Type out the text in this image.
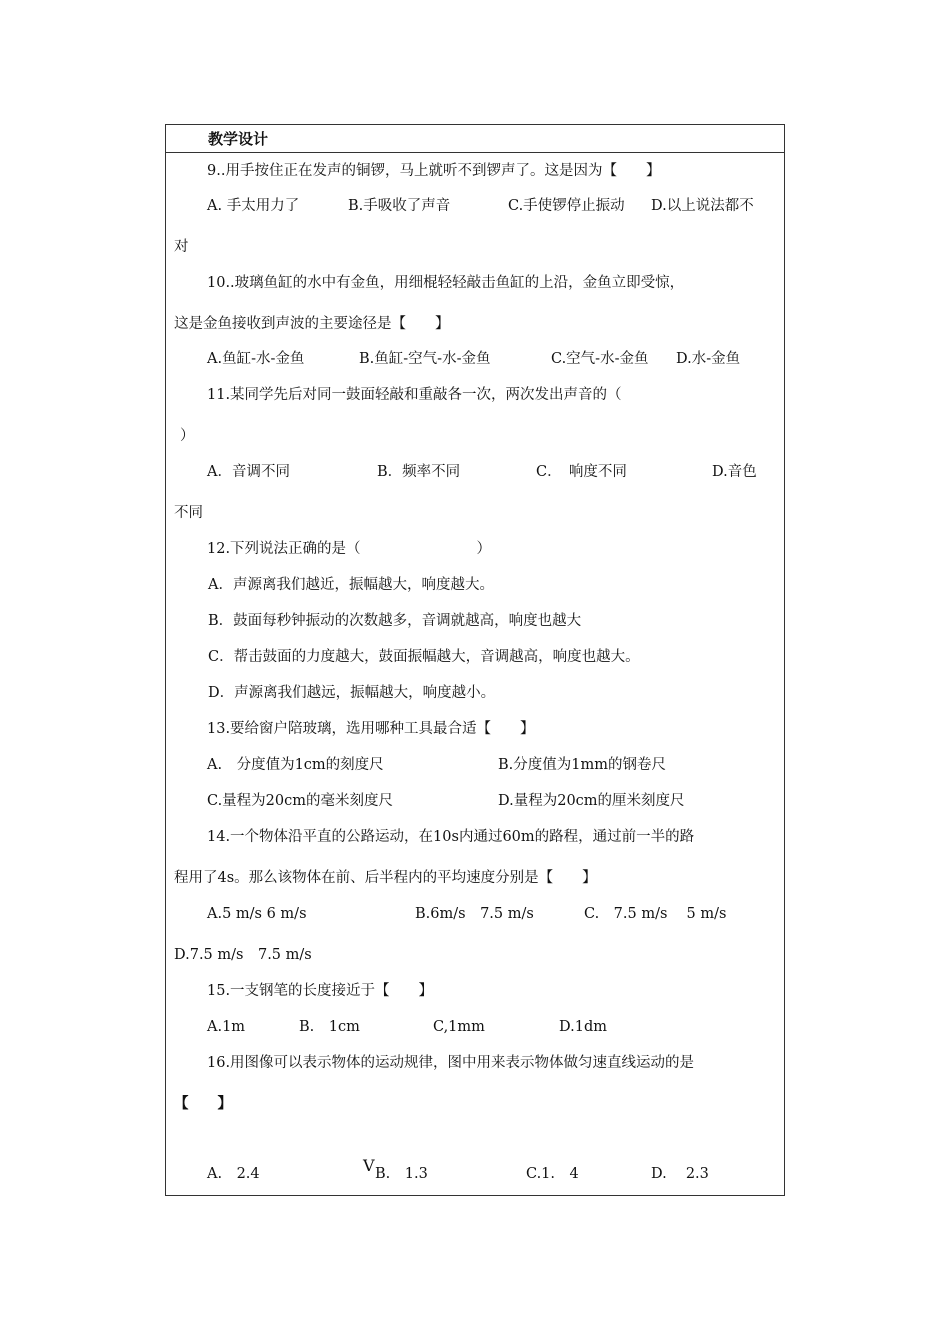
教学设计
9..用手按住正在发声的铜锣，马上就听不到锣声了。这是因为【　　】
A. 手太用力了	B.手吸收了声音	C.手使锣停止振动 D.以上说法都不
对
10..玻璃鱼缸的水中有金鱼，用细棍轻轻敲击鱼缸的上沿，金鱼立即受惊，
这是金鱼接收到声波的主要途径是【　　】
A.鱼缸-水-金鱼	B.鱼缸-空气-水-金鱼	C.空气-水-金鱼 D.水-金鱼
11.某同学先后对同一鼓面轻敲和重敲各一次，两次发出声音的（
）
A．音调不同	B．频率不同	C．　响度不同	D.音色
不同
12.下列说法正确的是（　　　　　　　　）
A．声源离我们越近，振幅越大，响度越大。
B．鼓面每秒钟振动的次数越多，音调就越高，响度也越大
C．帮击鼓面的力度越大，鼓面振幅越大，音调越高，响度也越大。
D．声源离我们越远，振幅越大，响度越小。
13.要给窗户陪玻璃，选用哪种工具最合适【　　】
A.　分度值为1cm的刻度尺	B.分度值为1mm的钢卷尺
C.量程为20cm的毫米刻度尺	D.量程为20cm的厘米刻度尺
14.一个物体沿平直的公路运动，在10s内通过60m的路程，通过前一半的路
程用了4s。那么该物体在前、后半程内的平均速度分别是【　　】
A.5 m/s 6 m/s	B.6m/s　7.5 m/s	C.　7.5 m/s　 5 m/s
D.7.5 m/s　7.5 m/s
15.一支钢笔的长度接近于【　　】
A.1m	B.　1cm	C,1mm	D.1dm
16.用图像可以表示物体的运动规律，图中用来表示物体做匀速直线运动的是
【　　】
A.　2.4	V B.　1.3	C.1.　4	D.　 2.3
